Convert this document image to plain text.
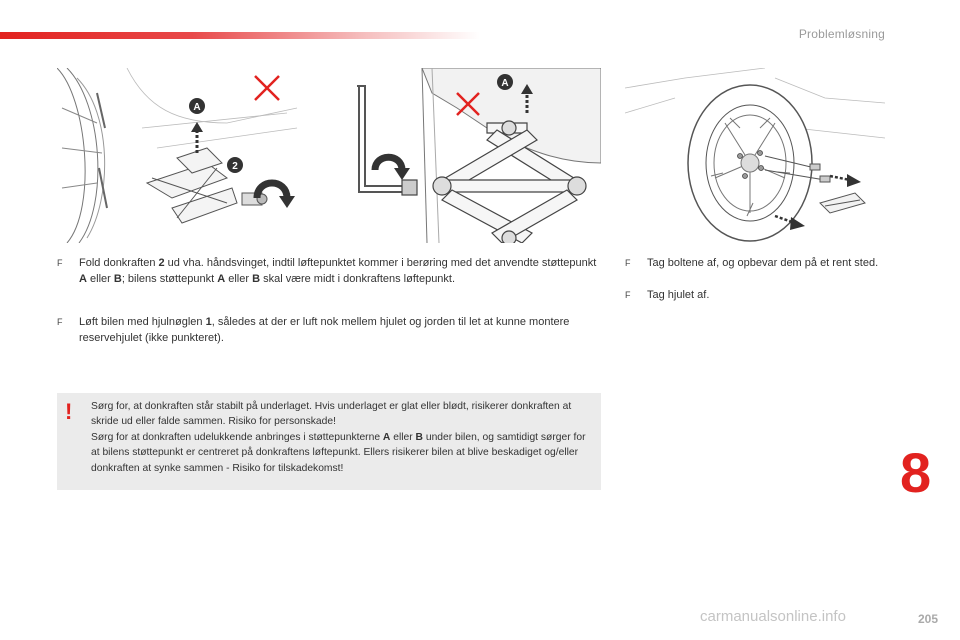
Problemløsning
A
2
A
F	Fold donkraften 2 ud vha. håndsvinget, indtil løftepunktet kommer i berøring med det anvendte støttepunkt A eller B; bilens støttepunkt A eller B skal være midt i donkraftens løftepunkt.
F	Løft bilen med hjulnøglen 1, således at der er luft nok mellem hjulet og jorden til let at kunne montere reservehjulet (ikke punkteret).
F	Tag boltene af, og opbevar dem på et rent sted.
F	Tag hjulet af.
! Sørg for, at donkraften står stabilt på underlaget. Hvis underlaget er glat eller blødt, risikerer donkraften at skride ud eller falde sammen. Risiko for personskade!
Sørg for at donkraften udelukkende anbringes i støttepunkterne A eller B under bilen, og samtidigt sørger for at bilens støttepunkt er centreret på donkraftens løftepunkt. Ellers risikerer bilen at blive beskadiget og/eller donkraften at synke sammen - Risiko for tilskadekomst!	8
carmanualsonline.info	205
